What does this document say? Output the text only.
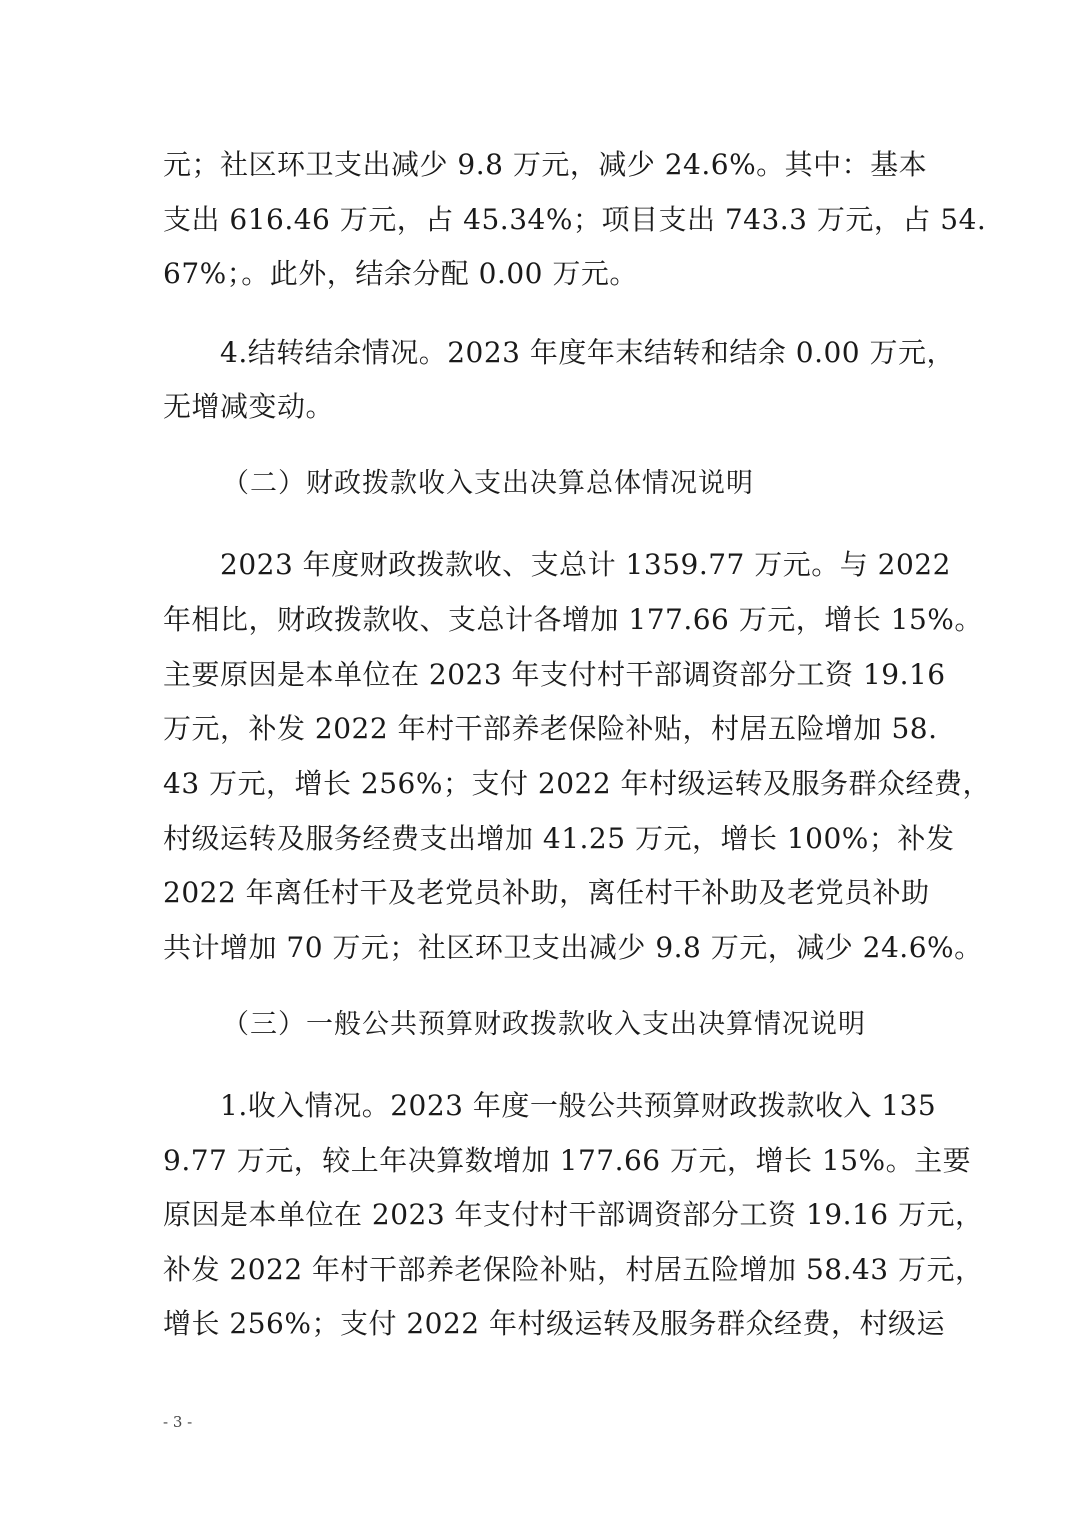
元；社区环卫支出减少 9.8 万元，减少 24.6%。其中：基本
支出 616.46 万元，占 45.34%；项目支出 743.3 万元，占 54.
67%；。此外，结余分配 0.00 万元。
4.结转结余情况。2023 年度年末结转和结余 0.00 万元，
无增减变动。
（二）财政拨款收入支出决算总体情况说明
2023 年度财政拨款收、支总计 1359.77 万元。与 2022
年相比，财政拨款收、支总计各增加 177.66 万元，增长 15%。
主要原因是本单位在 2023 年支付村干部调资部分工资 19.16
万元，补发 2022 年村干部养老保险补贴，村居五险增加 58.
43 万元，增长 256%；支付 2022 年村级运转及服务群众经费，
村级运转及服务经费支出增加 41.25 万元，增长 100%；补发
2022 年离任村干及老党员补助，离任村干补助及老党员补助
共计增加 70 万元；社区环卫支出减少 9.8 万元，减少 24.6%。
（三）一般公共预算财政拨款收入支出决算情况说明
1.收入情况。2023 年度一般公共预算财政拨款收入 135
9.77 万元，较上年决算数增加 177.66 万元，增长 15%。主要
原因是本单位在 2023 年支付村干部调资部分工资 19.16 万元，
补发 2022 年村干部养老保险补贴，村居五险增加 58.43 万元，
增长 256%；支付 2022 年村级运转及服务群众经费，村级运
- 3 -
